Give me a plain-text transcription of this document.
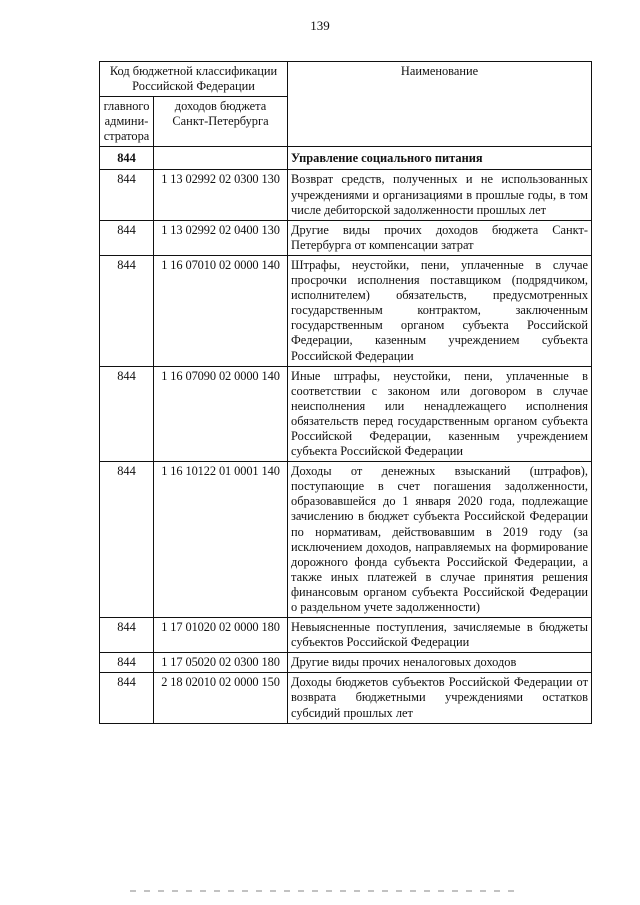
139
Код бюджетной классификации Российской Федерации		Наименование
главного админи-стратора	доходов бюджета Санкт-Петербурга	
844		Управление социального питания
844	1 13 02992 02 0300 130	Возврат средств, полученных и не использованных учреждениями и организациями в прошлые годы, в том числе дебиторской задолженности прошлых лет
844	1 13 02992 02 0400 130	Другие виды прочих доходов бюджета Санкт-Петербурга от компенсации затрат
844	1 16 07010 02 0000 140	Штрафы, неустойки, пени, уплаченные в случае просрочки исполнения поставщиком (подрядчиком, исполнителем) обязательств, предусмотренных государственным контрактом, заключенным государственным органом субъекта Российской Федерации, казенным учреждением субъекта Российской Федерации
844	1 16 07090 02 0000 140	Иные штрафы, неустойки, пени, уплаченные в соответствии с законом или договором в случае неисполнения или ненадлежащего исполнения обязательств перед государственным органом субъекта Российской Федерации, казенным учреждением субъекта Российской Федерации
844	1 16 10122 01 0001 140	Доходы от денежных взысканий (штрафов), поступающие в счет погашения задолженности, образовавшейся до 1 января 2020 года, подлежащие зачислению в бюджет субъекта Российской Федерации по нормативам, действовавшим в 2019 году (за исключением доходов, направляемых на формирование дорожного фонда субъекта Российской Федерации, а также иных платежей в случае принятия решения финансовым органом субъекта Российской Федерации о раздельном учете задолженности)
844	1 17 01020 02 0000 180	Невыясненные поступления, зачисляемые в бюджеты субъектов Российской Федерации
844	1 17 05020 02 0300 180	Другие виды прочих неналоговых доходов
844	2 18 02010 02 0000 150	Доходы бюджетов субъектов Российской Федерации от возврата бюджетными учреждениями остатков субсидий прошлых лет
